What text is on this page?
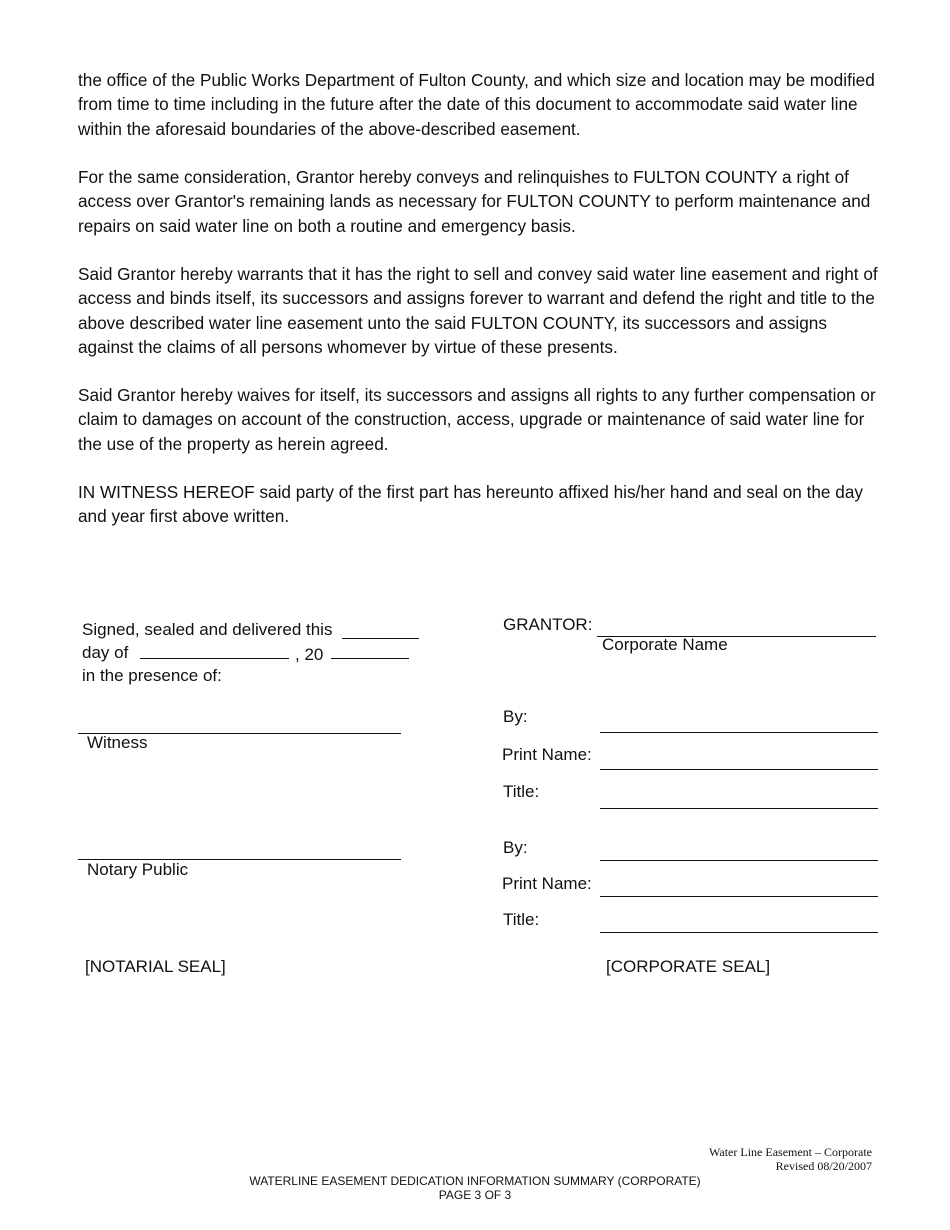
the office of the Public Works Department of Fulton County, and which size and location may be modified from time to time including in the future after the date of this document to accommodate said water line within the aforesaid boundaries of the above-described easement.

For the same consideration, Grantor hereby conveys and relinquishes to FULTON COUNTY a right of access over Grantor's remaining lands as necessary for FULTON COUNTY to perform maintenance and repairs on said water line on both a routine and emergency basis.

Said Grantor hereby warrants that it has the right to sell and convey said water line easement and right of access and binds itself, its successors and assigns forever to warrant and defend the right and title to the above described water line easement unto the said FULTON COUNTY, its successors and assigns against the claims of all persons whomever by virtue of these presents.

Said Grantor hereby waives for itself, its successors and assigns all rights to any further compensation or claim to damages on account of the construction, access, upgrade or maintenance of said water line for the use of the property as herein agreed.

IN WITNESS HEREOF said party of the first part has hereunto affixed his/her hand and seal on the day and year first above written.

Signed, sealed and delivered this
day of	, 20
in the presence of:
Witness
Notary Public
[NOTARIAL SEAL]
GRANTOR:
Corporate Name
By:
Print Name:
Title:
By:
Print Name:
Title:
[CORPORATE SEAL]
Water Line Easement – Corporate
Revised 08/20/2007
WATERLINE EASEMENT DEDICATION INFORMATION SUMMARY (CORPORATE)
PAGE 3 OF 3
